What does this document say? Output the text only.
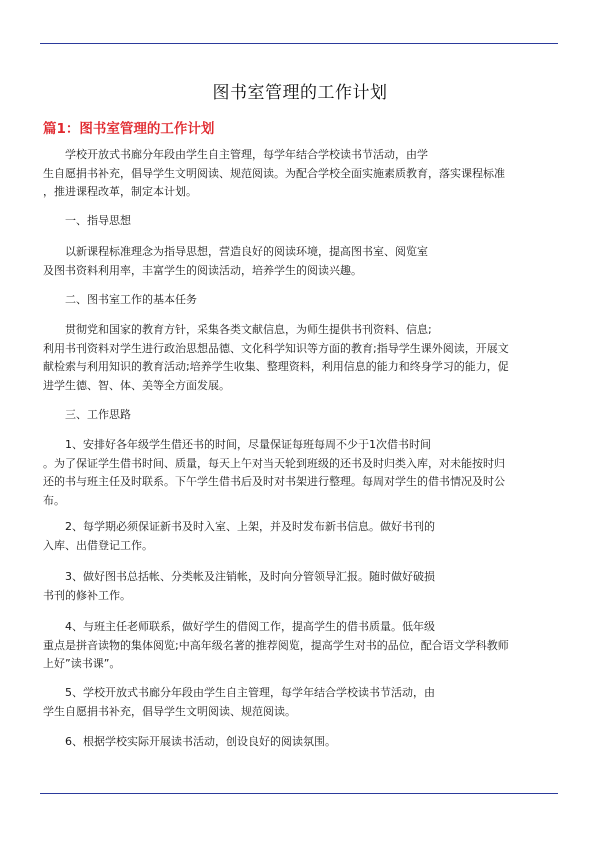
图书室管理的工作计划
篇1：图书室管理的工作计划
学校开放式书廊分年段由学生自主管理，每学年结合学校读书节活动，由学
生自愿捐书补充，倡导学生文明阅读、规范阅读。为配合学校全面实施素质教育，落实课程标准
，推进课程改革，制定本计划。
一、指导思想
以新课程标准理念为指导思想，营造良好的阅读环境，提高图书室、阅览室
及图书资料利用率，丰富学生的阅读活动，培养学生的阅读兴趣。
二、图书室工作的基本任务
贯彻党和国家的教育方针，采集各类文献信息，为师生提供书刊资料、信息;
利用书刊资料对学生进行政治思想品德、文化科学知识等方面的教育;指导学生课外阅读，开展文
献检索与利用知识的教育活动;培养学生收集、整理资料，利用信息的能力和终身学习的能力，促
进学生德、智、体、美等全方面发展。
三、工作思路
1、安排好各年级学生借还书的时间，尽量保证每班每周不少于1次借书时间
。为了保证学生借书时间、质量，每天上午对当天轮到班级的还书及时归类入库，对未能按时归
还的书与班主任及时联系。下午学生借书后及时对书架进行整理。每周对学生的借书情况及时公
布。
2、每学期必须保证新书及时入室、上架，并及时发布新书信息。做好书刊的
入库、出借登记工作。
3、做好图书总括帐、分类帐及注销帐，及时向分管领导汇报。随时做好破损
书刊的修补工作。
4、与班主任老师联系，做好学生的借阅工作，提高学生的借书质量。低年级
重点是拼音读物的集体阅览;中高年级名著的推荐阅览，提高学生对书的品位，配合语文学科教师
上好”读书课”。
5、学校开放式书廊分年段由学生自主管理，每学年结合学校读书节活动，由
学生自愿捐书补充，倡导学生文明阅读、规范阅读。
6、根据学校实际开展读书活动，创设良好的阅读氛围。
